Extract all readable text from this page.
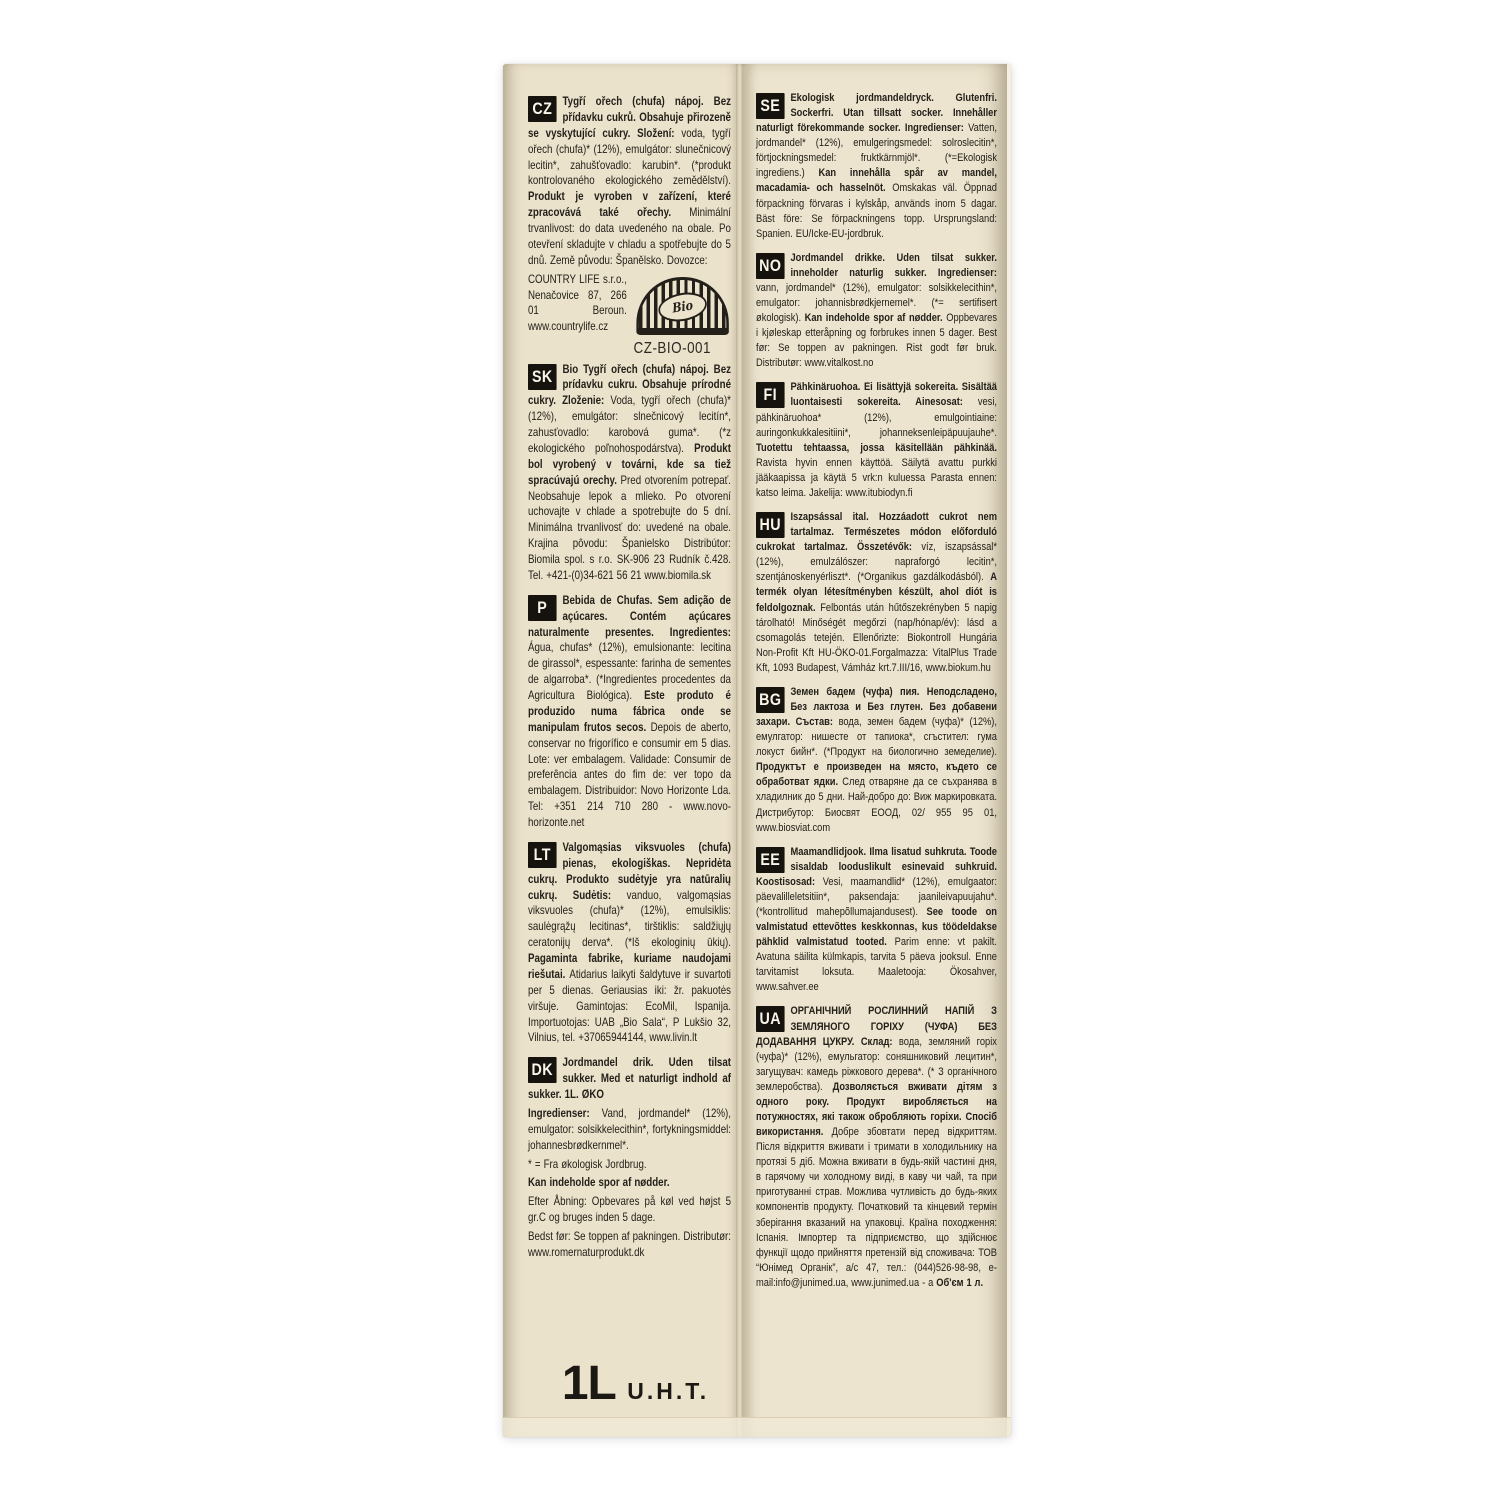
CZ Tygří ořech (chufa) nápoj. Bez přídavku cukrů. Obsahuje přirozeně se vyskytující cukry. Složení: voda, tygří ořech (chufa)* (12%), emulgátor: slunečnicový lecitin*, zahušťovadlo: karubin*. (*produkt kontrolovaného ekologického zemědělství). Produkt je vyroben v zařízení, které zpracovává také ořechy. Minimální trvanlivost: do data uvedeného na obale. Po otevření skladujte v chladu a spotřebujte do 5 dnů. Země původu: Španělsko. Dovozce:

Bio
CZ-BIO-001
COUNTRY LIFE s.r.o., Nenačovice 87, 266 01 Beroun. www.countrylife.cz

SK Bio Tygří ořech (chufa) nápoj. Bez prídavku cukru. Obsahuje prírodné cukry. Zloženie: Voda, tygří ořech (chufa)* (12%), emulgátor: slnečnicový lecitín*, zahusťovadlo: karobová guma*. (*z ekologického poľnohospodárstva). Produkt bol vyrobený v továrni, kde sa tiež spracúvajú orechy. Pred otvorením potrepať. Neobsahuje lepok a mlieko. Po otvorení uchovajte v chlade a spotrebujte do 5 dní. Minimálna trvanlivosť do: uvedené na obale. Krajina pôvodu: Španielsko Distribútor: Biomila spol. s r.o. SK-906 23 Rudník č.428. Tel. +421-(0)34-621 56 21 www.biomila.sk

P	Bebida de Chufas. Sem adição de açúcares. Contém açúcares naturalmente presentes. Ingredientes: Água, chufas* (12%), emulsionante: lecitina de girassol*, espessante: farinha de sementes de algarroba*. (*Ingredientes procedentes da Agricultura Biológica). Este produto é produzido numa fábrica onde se manipulam frutos secos. Depois de aberto, conservar no frigorífico e consumir em 5 dias. Lote: ver embalagem. Validade: Consumir de preferência antes do fim de: ver topo da embalagem. Distribuidor: Novo Horizonte Lda. Tel: +351 214 710 280 - www.novo-horizonte.net

LT Valgomąsias viksvuoles (chufa) pienas, ekologiškas. Nepridėta cukrų. Produkto sudėtyje yra natūralių cukrų. Sudėtis: vanduo, valgomąsias viksvuoles (chufa)* (12%), emulsiklis: saulėgrąžų lecitinas*, tirštiklis: saldžiųjų ceratonijų derva*. (*Iš ekologinių ūkių). Pagaminta fabrike, kuriame naudojami riešutai. Atidarius laikyti šaldytuve ir suvartoti per 5 dienas. Geriausias iki: žr. pakuotės viršuje. Gamintojas: EcoMil, Ispanija. Importuotojas: UAB „Bio Sala“, P Lukšio 32, Vilnius, tel. +37065944144, www.livin.lt

DK Jordmandel drik. Uden tilsat sukker. Med et naturligt indhold af sukker. 1L. ØKO

Ingredienser: Vand, jordmandel* (12%), emulgator: solsikkelecithin*, fortykningsmiddel: johannesbrødkernmel*.

* = Fra økologisk Jordbrug.

Kan indeholde spor af nødder.

Efter Åbning: Opbevares på køl ved højst 5 gr.C og bruges inden 5 dage.

Bedst før: Se toppen af pakningen. Distributør: www.romernaturprodukt.dk

1L U.H.T.
SE Ekologisk jordmandeldryck. Glutenfri. Sockerfri. Utan tillsatt socker. Innehåller naturligt förekommande socker. Ingredienser: Vatten, jordmandel* (12%), emulgeringsmedel: solroslecitin*, förtjockningsmedel: fruktkärnmjöl*. (*=Ekologisk ingrediens.) Kan innehålla spår av mandel, macadamia- och hasselnöt. Omskakas väl. Öppnad förpackning förvaras i kylskåp, används inom 5 dagar. Bäst före: Se förpackningens topp. Ursprungsland: Spanien. EU/Icke-EU-jordbruk.

NO Jordmandel drikke. Uden tilsat sukker. inneholder naturlig sukker. Ingredienser: vann, jordmandel* (12%), emulgator: solsikkelecithin*, emulgator: johannisbrødkjernemel*. (*= sertifisert økologisk). Kan indeholde spor af nødder. Oppbevares i kjøleskap etteråpning og forbrukes innen 5 dager. Best før: Se toppen av pakningen. Rist godt før bruk. Distributør: www.vitalkost.no

FI	Pähkinäruohoa. Ei lisättyjä sokereita. Sisältää luontaisesti sokereita. Ainesosat: vesi, pähkinäruohoa* (12%), emulgointiaine: auringonkukkalesitiini*, johanneksenleipäpuujauhe*. Tuotettu tehtaassa, jossa käsitellään pähkinää. Ravista hyvin ennen käyttöä. Säilytä avattu purkki jääkaapissa ja käytä 5 vrk:n kuluessa Parasta ennen: katso leima. Jakelija: www.itubiodyn.fi

HU Iszapsással ital. Hozzáadott cukrot nem tartalmaz. Természetes módon előforduló cukrokat tartalmaz. Összetévők: víz, iszapsással* (12%), emulzálószer: napraforgó lecitin*, szentjánoskenyérliszt*. (*Organikus gazdálkodásból). A termék olyan létesítményben készült, ahol diót is feldolgoznak. Felbontás után hűtőszekrényben 5 napig tárolható! Minőségét megőrzi (nap/hónap/év): lásd a csomagolás tetején. Ellenőrizte: Biokontroll Hungária Non-Profit Kft HU-ÖKO-01.Forgalmazza: VitalPlus Trade Kft, 1093 Budapest, Vámház krt.7.III/16, www.biokum.hu

BG Земен бадем (чуфа) пия. Неподсладено, Без лактоза и Без глутен. Без добавени захари. Състав: вода, земен бадем (чуфа)* (12%), емулгатор: нишесте от тапиока*, сгъстител: гума локуст бийн*. (*Продукт на биологично земеделие). Продуктът е произведен на място, където се обработват ядки. След отваряне да се съхранява в хладилник до 5 дни. Най-добро до: Виж маркировката. Дистрибутор: Биосвят ЕООД, 02/ 955 95 01, www.biosviat.com

EE Maamandlidjook. Ilma lisatud suhkruta. Toode sisaldab looduslikult esinevaid suhkruid. Koostisosad: Vesi, maamandlid* (12%), emulgaator: päevalilleletsitiin*, paksendaja: jaanileivapuujahu*. (*kontrollitud mahepõllumajandusest). See toode on valmistatud ettevõttes keskkonnas, kus töödeldakse pähklid valmistatud tooted. Parim enne: vt pakilt. Avatuna säilita külmkapis, tarvita 5 päeva jooksul. Enne tarvitamist loksuta. Maaletooja: Ökosahver, www.sahver.ee

UA ОРГАНІЧНИЙ РОСЛИННИЙ НАПІЙ З ЗЕМЛЯНОГО ГОРІХУ (ЧУФА) БЕЗ ДОДАВАННЯ ЦУКРУ. Склад: вода, земляний горіх (чуфа)* (12%), емульгатор: соняшниковий лецитин*, загущувач: камедь ріжкового дерева*. (* З органічного землеробства). Дозволяється вживати дітям з одного року. Продукт виробляється на потужностях, які також обробляють горіхи. Спосіб використання. Добре збовтати перед відкриттям. Після відкриття вживати і тримати в холодильнику на протязі 5 діб. Можна вживати в будь-якій частині дня, в гарячому чи холодному виді, в каву чи чай, та при приготуванні страв. Можлива чутливість до будь-яких компонентів продукту. Початковий та кінцевий термін зберігання вказаний на упаковці. Країна походження: Іспанія. Імпортер та підприємство, що здійснює функції щодо прийняття претензій від споживача: ТОВ “Юнімед Органік”, а/с 47, тел.: (044)526-98-98, e-mail:info@junimed.ua, www.junimed.ua - а Об'єм 1 л.
